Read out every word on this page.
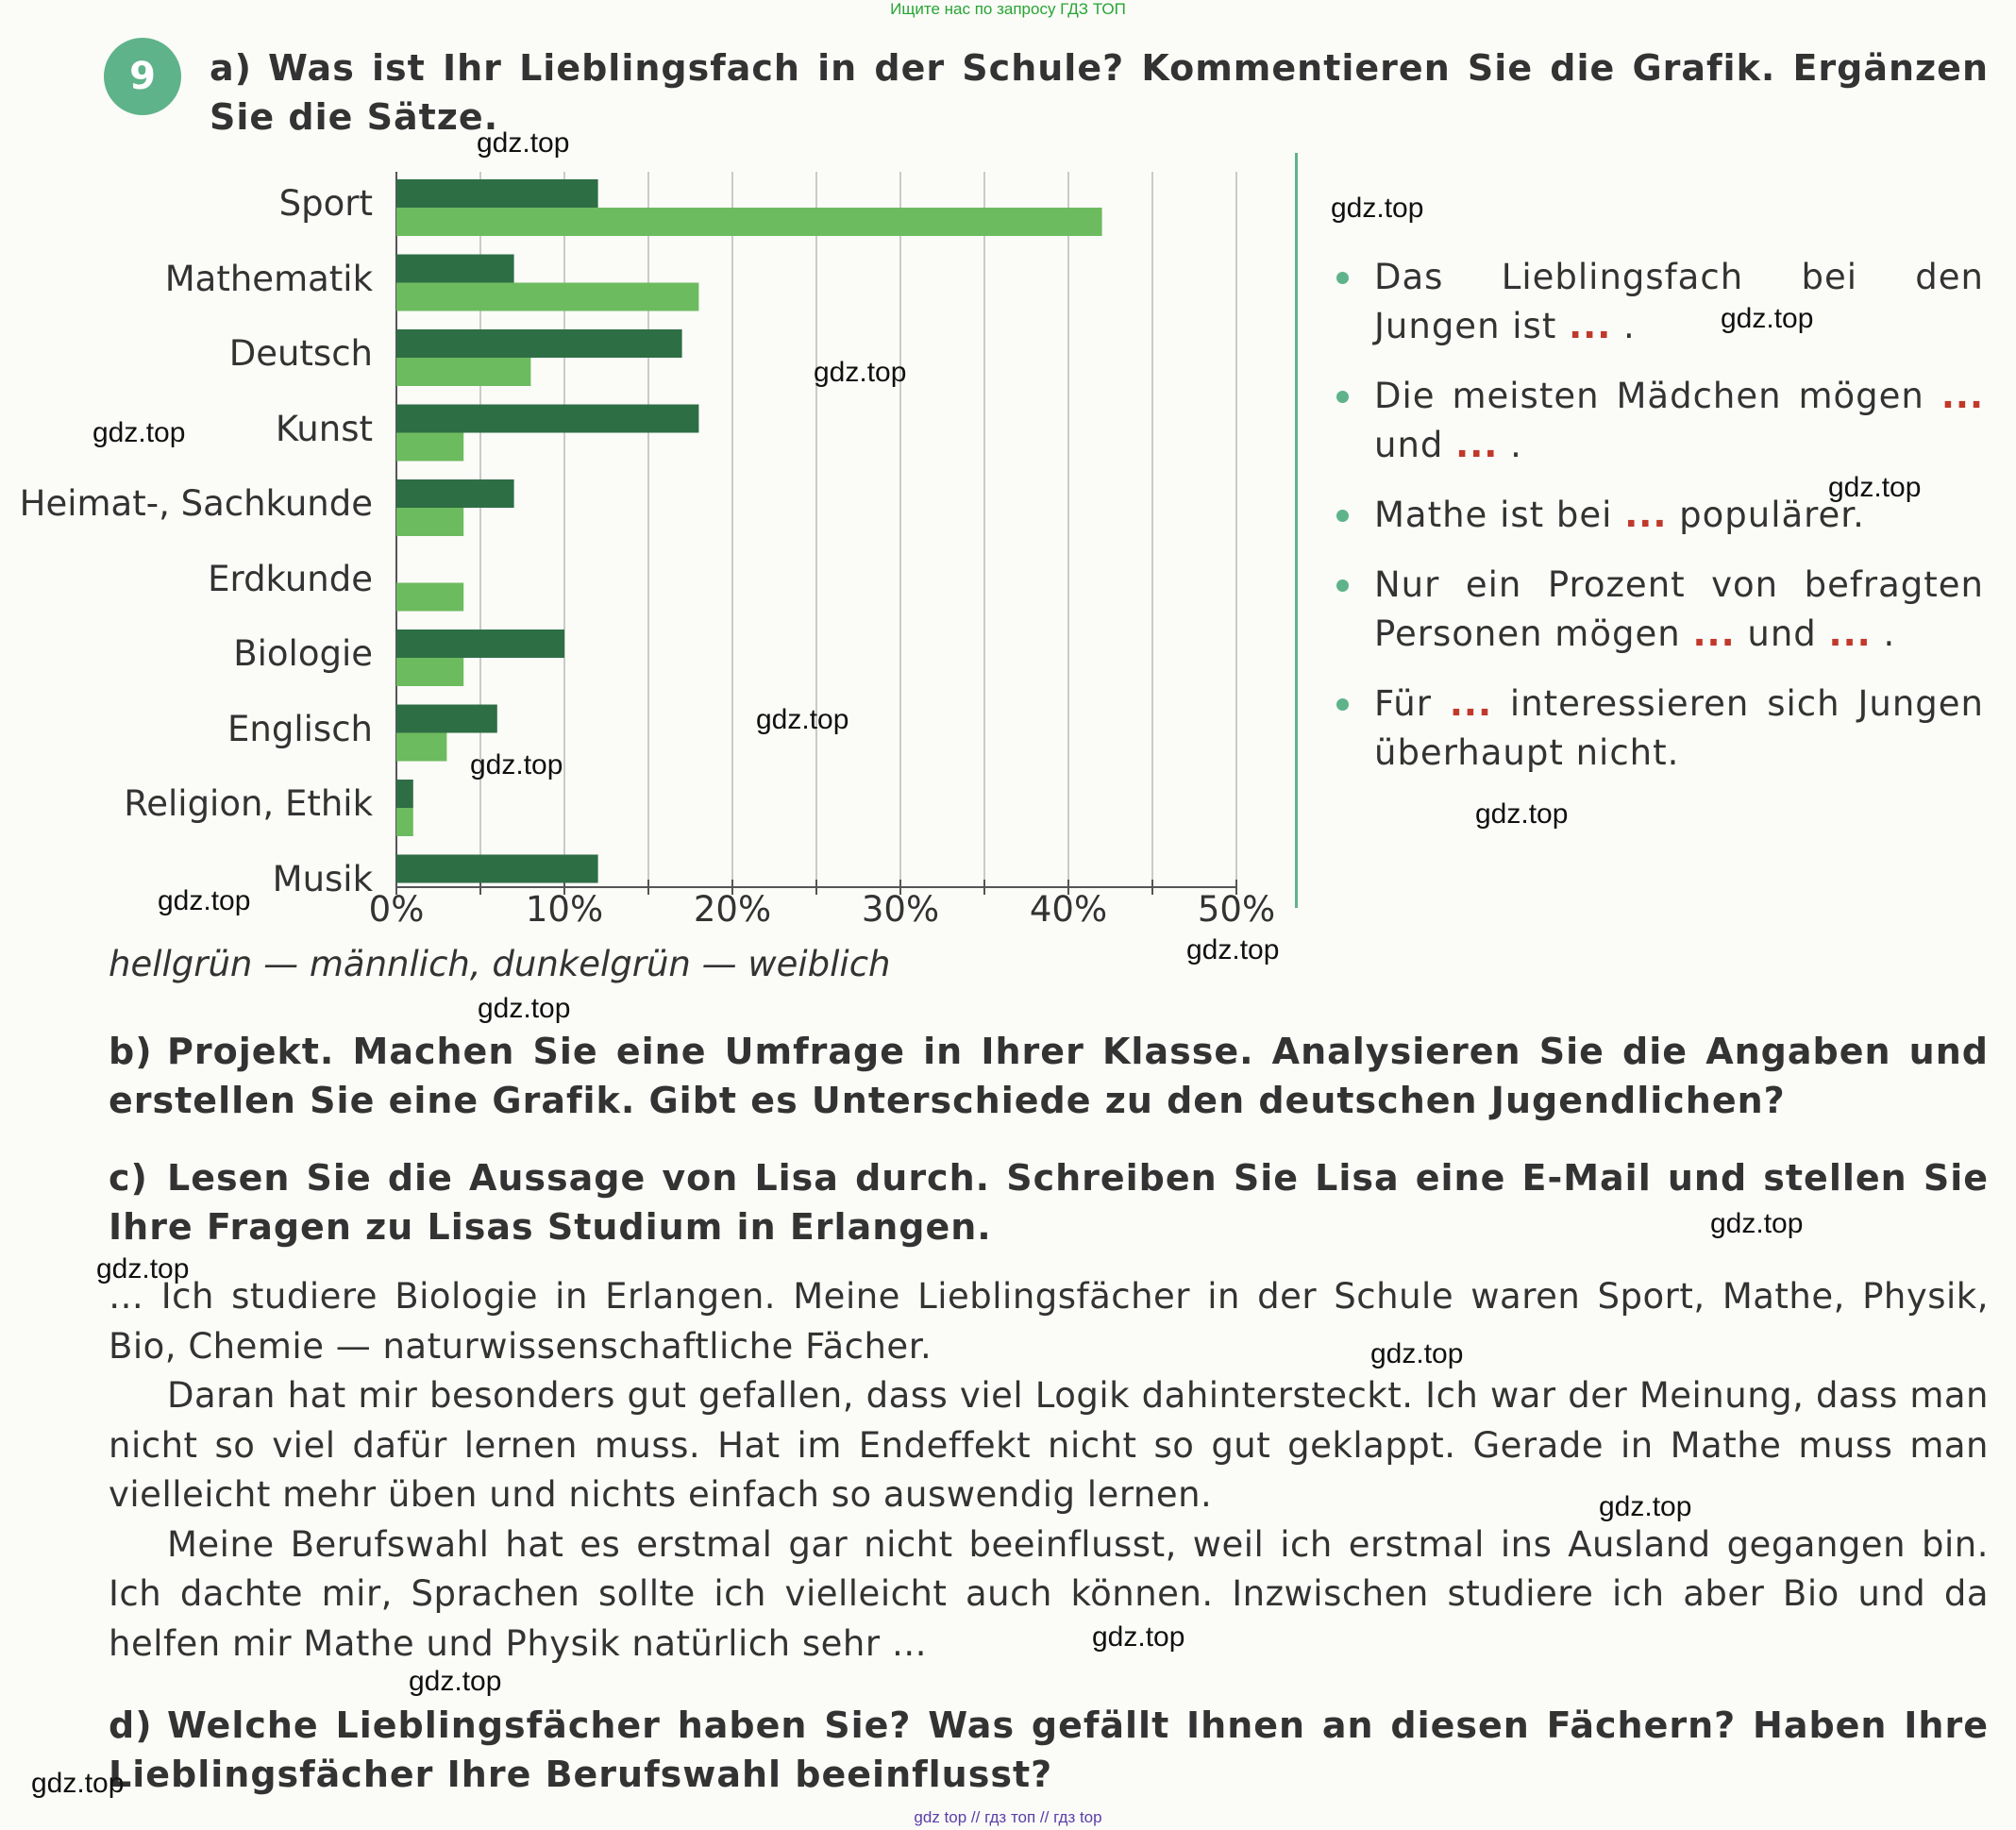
Ищите нас по запросу ГДЗ ТОП
9	a) Was ist Ihr Lieblingsfach in der Schule? Kommentieren Sie die Grafik. Ergänzen Sie die Sätze.
Sport
Mathematik
Deutsch
Kunst
Heimat-, Sachkunde
Erdkunde
Biologie
Englisch
Religion, Ethik
Musik
0%	10%	20%	30%	40%	50%
hellgrün — männlich, dunkelgrün — weiblich
Das Lieblingsfach bei den Jungen ist ... .
Die meisten Mädchen mögen ... und ... .
Mathe ist bei ... populärer.
Nur ein Prozent von befragten Personen mögen ... und ... .
Für ... interessieren sich Jungen überhaupt nicht.
b) Projekt. Machen Sie eine Umfrage in Ihrer Klasse. Analysieren Sie die Angaben und erstellen Sie eine Grafik. Gibt es Unterschiede zu den deutschen Jugendlichen?
c) Lesen Sie die Aussage von Lisa durch. Schreiben Sie Lisa eine E-Mail und stellen Sie Ihre Fragen zu Lisas Studium in Erlangen.
… Ich studiere Biologie in Erlangen. Meine Lieblingsfächer in der Schule waren Sport, Mathe, Physik, Bio, Chemie — naturwissenschaftliche Fächer.
Daran hat mir besonders gut gefallen, dass viel Logik dahintersteckt. Ich war der Meinung, dass man nicht so viel dafür lernen muss. Hat im Endeffekt nicht so gut geklappt. Gerade in Mathe muss man vielleicht mehr üben und nichts einfach so auswendig lernen.
Meine Berufswahl hat es erstmal gar nicht beeinflusst, weil ich erstmal ins Ausland gegangen bin. Ich dachte mir, Sprachen sollte ich vielleicht auch können. Inzwischen studiere ich aber Bio und da helfen mir Mathe und Physik natürlich sehr …
d) Welche Lieblingsfächer haben Sie? Was gefällt Ihnen an diesen Fächern? Haben Ihre Lieblingsfächer Ihre Berufswahl beeinflusst?
gdz.top
gdz.top
gdz.top
gdz.top
gdz.top
gdz.top
gdz.top
gdz.top
gdz.top
gdz.top
gdz.top
gdz.top
gdz.top
gdz.top
gdz.top
gdz.top
gdz.top
gdz.top
gdz.top
gdz top // гдз топ // гдз top
